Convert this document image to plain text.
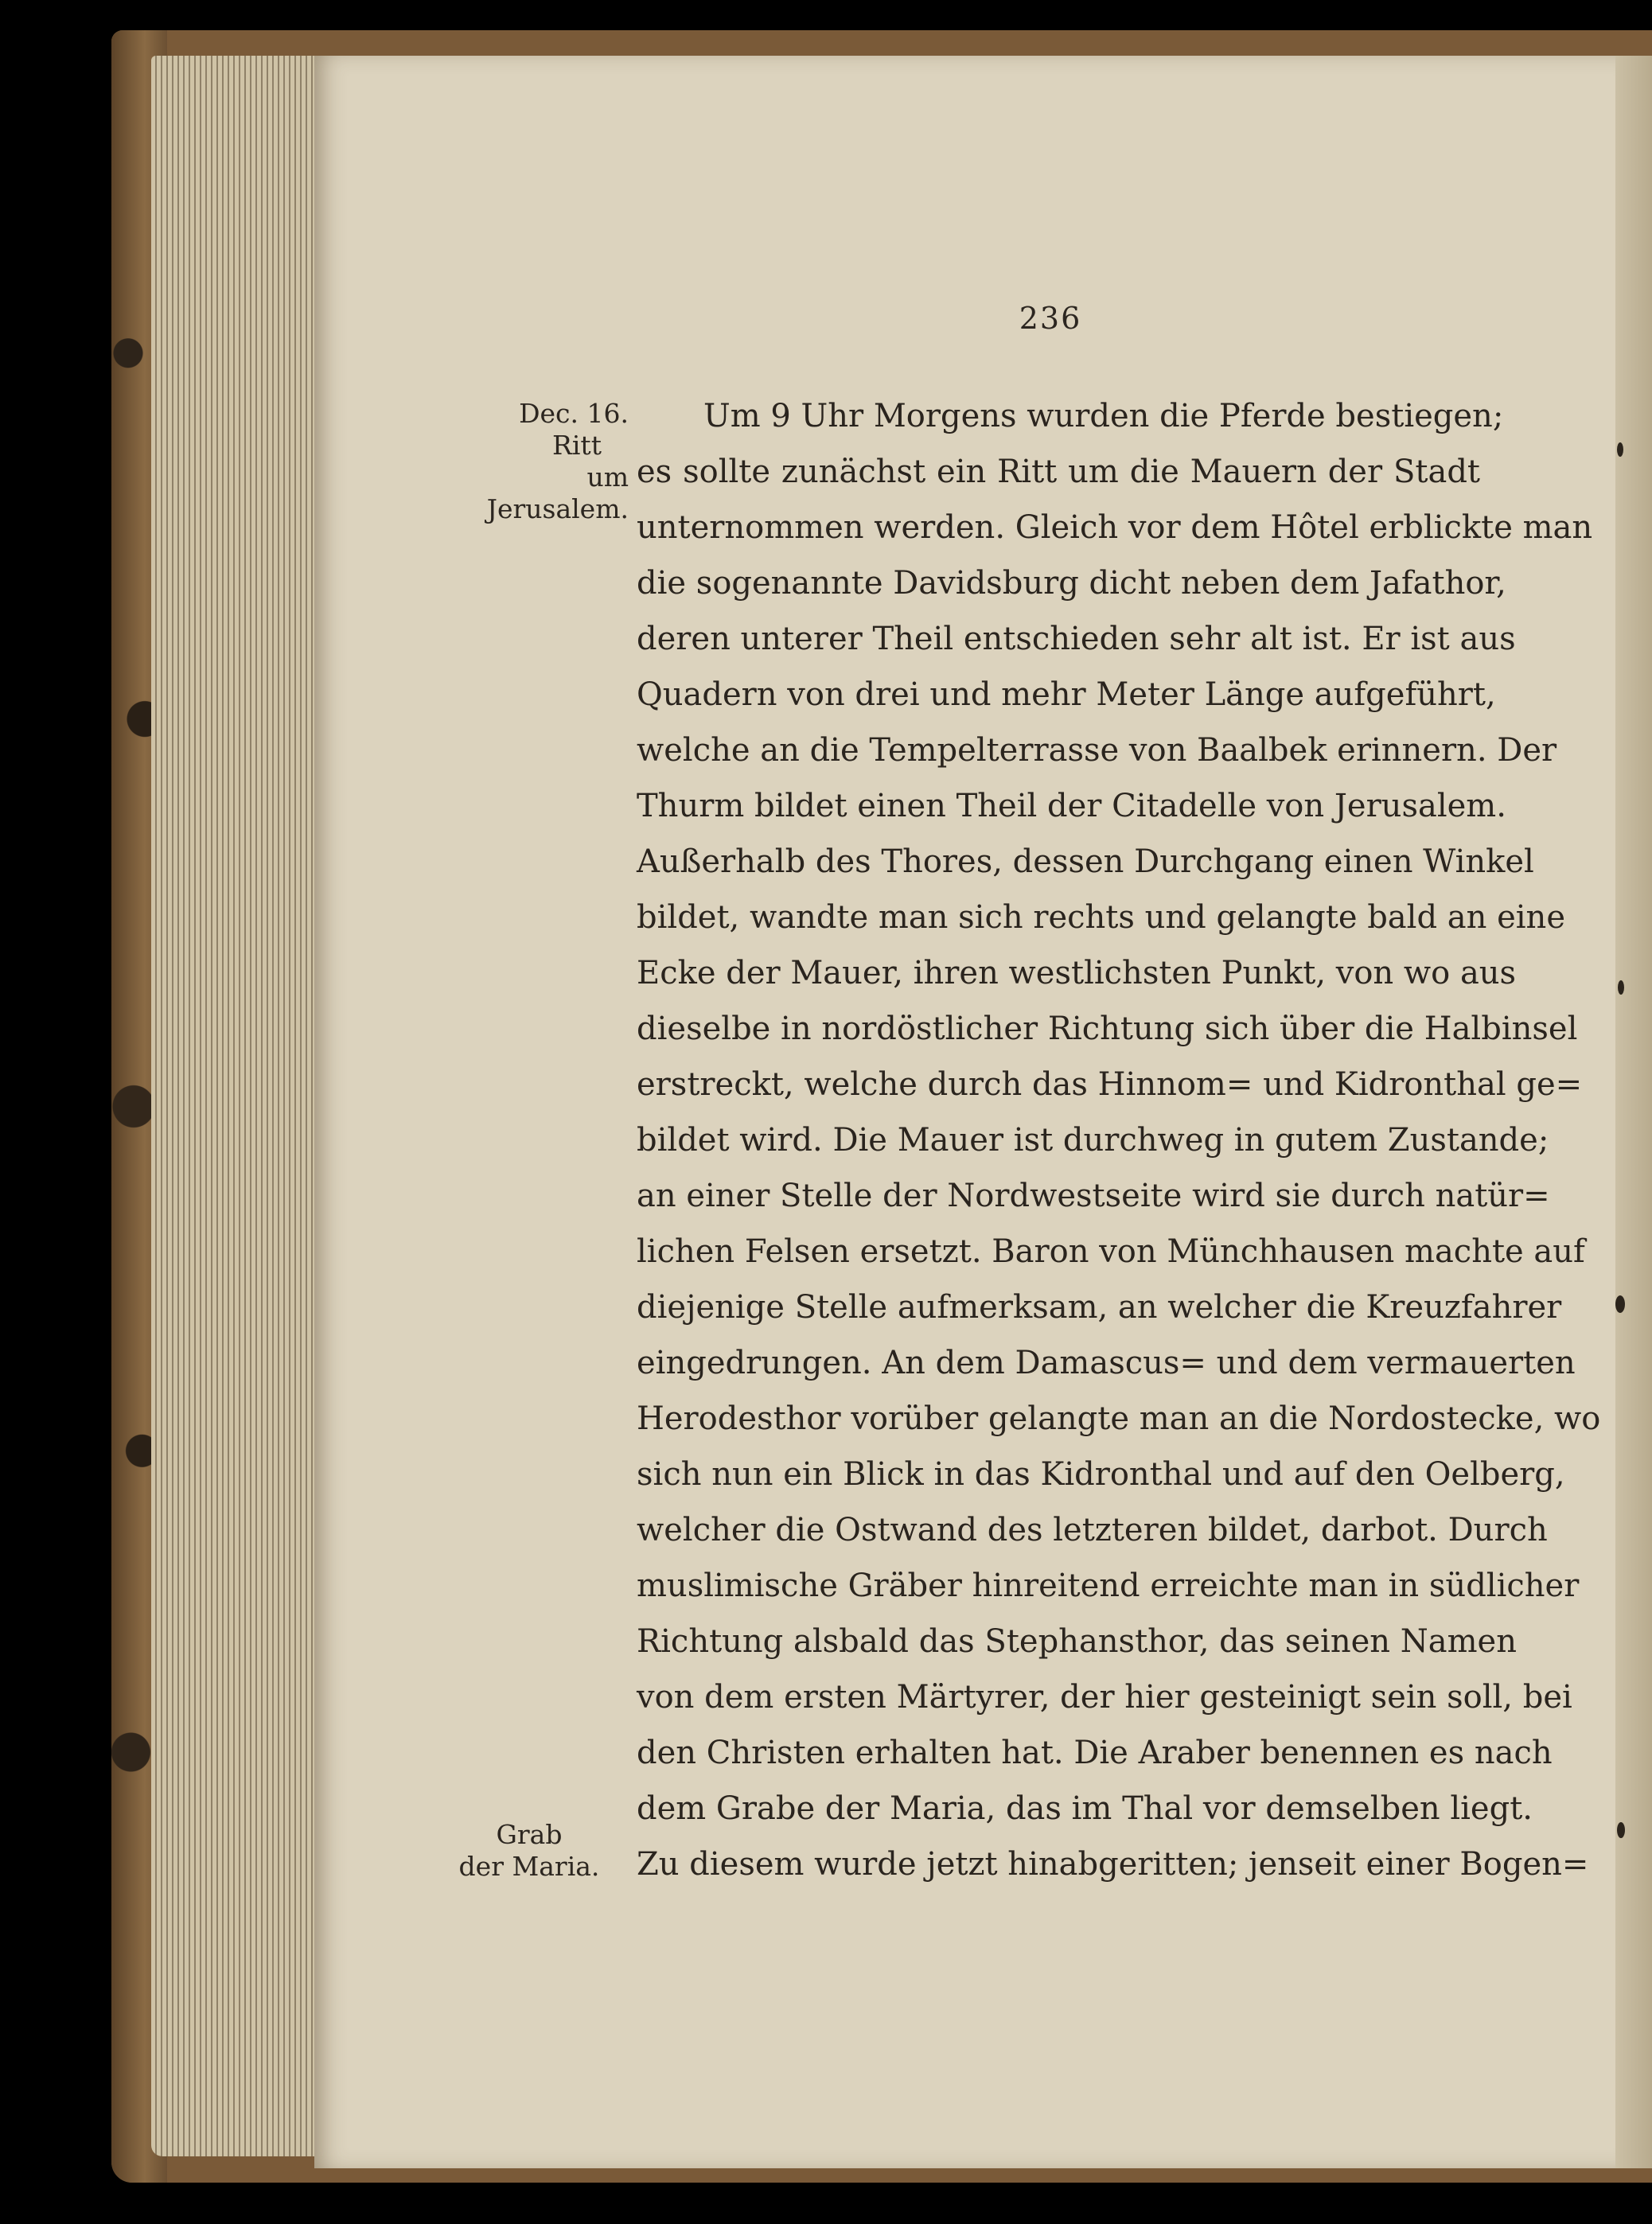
236
Dec. 16.
Ritt
um Jerusalem.
Grab
der Maria.
Um 9 Uhr Morgens wurden die Pferde bestiegen;
es sollte zunächst ein Ritt um die Mauern der Stadt
unternommen werden. Gleich vor dem Hôtel erblickte man
die sogenannte Davidsburg dicht neben dem Jafathor,
deren unterer Theil entschieden sehr alt ist. Er ist aus
Quadern von drei und mehr Meter Länge aufgeführt,
welche an die Tempelterrasse von Baalbek erinnern. Der
Thurm bildet einen Theil der Citadelle von Jerusalem.
Außerhalb des Thores, dessen Durchgang einen Winkel
bildet, wandte man sich rechts und gelangte bald an eine
Ecke der Mauer, ihren westlichsten Punkt, von wo aus
dieselbe in nordöstlicher Richtung sich über die Halbinsel
erstreckt, welche durch das Hinnom= und Kidronthal ge=
bildet wird. Die Mauer ist durchweg in gutem Zustande;
an einer Stelle der Nordwestseite wird sie durch natür=
lichen Felsen ersetzt. Baron von Münchhausen machte auf
diejenige Stelle aufmerksam, an welcher die Kreuzfahrer
eingedrungen. An dem Damascus= und dem vermauerten
Herodesthor vorüber gelangte man an die Nordostecke, wo
sich nun ein Blick in das Kidronthal und auf den Oelberg,
welcher die Ostwand des letzteren bildet, darbot. Durch
muslimische Gräber hinreitend erreichte man in südlicher
Richtung alsbald das Stephansthor, das seinen Namen
von dem ersten Märtyrer, der hier gesteinigt sein soll, bei
den Christen erhalten hat. Die Araber benennen es nach
dem Grabe der Maria, das im Thal vor demselben liegt.
Zu diesem wurde jetzt hinabgeritten; jenseit einer Bogen=
